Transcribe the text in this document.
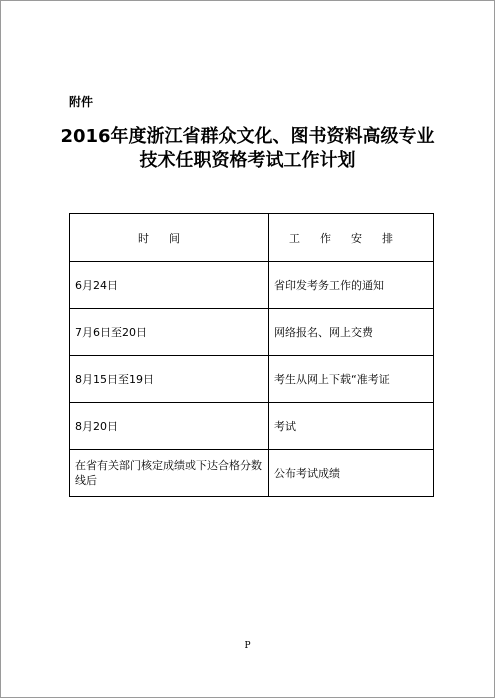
附件
2016年度浙江省群众文化、图书资料高级专业
技术任职资格考试工作计划
时间	工作安排
6月24日	省印发考务工作的通知
7月6日至20日	网络报名、网上交费
8月15日至19日	考生从网上下载“准考证
8月20日	考试
在省有关部门核定成绩或下达合格分数线后	公布考试成绩
P
